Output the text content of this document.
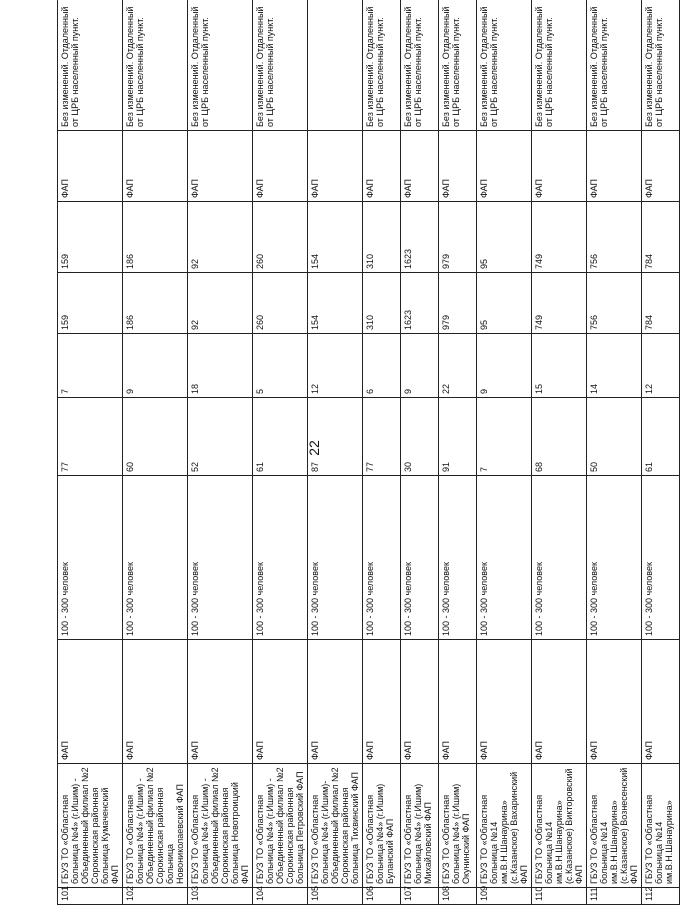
22
101	ГБУЗ ТО «Областная больница №4» (г.Ишим) - Объединенный филиал №2 Сорокинская районная больница Кумаченский ФАП	ФАП	100 - 300 человек	77	7	159	159	ФАП	Без изменений. Отдаленный от ЦРБ населенный пункт.
102	ГБУЗ ТО «Областная больница №4» (г.Ишим) - Объединенный филиал №2 Сорокинская районная больница Новониколаевский ФАП	ФАП	100 - 300 человек	60	9	186	186	ФАП	Без изменений. Отдаленный от ЦРБ населенный пункт.
103	ГБУЗ ТО «Областная больница №4» (г.Ишим) - Объединенный филиал №2 Сорокинская районная больница Новотроицкий ФАП	ФАП	100 - 300 человек	52	18	92	92	ФАП	Без изменений. Отдаленный от ЦРБ населенный пункт.
104	ГБУЗ ТО «Областная больница №4» (г.Ишим) - Объединенный филиал №2 Сорокинская районная больница Петровский ФАП	ФАП	100 - 300 человек	61	5	260	260	ФАП	Без изменений. Отдаленный от ЦРБ населенный пункт.
105	ГБУЗ ТО «Областная больница №4» (г.Ишим)- Объединенный филиал №2 Сорокинская районная больница Тихвинский ФАП	ФАП	100 - 300 человек	87	12	154	154	ФАП	
106	ГБУЗ ТО «Областная больница №4» (г.Ишим) Буланский ФАП	ФАП	100 - 300 человек	77	6	310	310	ФАП	Без изменений. Отдаленный от ЦРБ населенный пункт.
107	ГБУЗ ТО «Областная больница №4» (г.Ишим) Михайловский ФАП	ФАП	100 - 300 человек	30	9	1623	1623	ФАП	Без изменений. Отдаленный от ЦРБ населенный пункт.
108	ГБУЗ ТО «Областная больница №4» (г.Ишим) Окунинский ФАП	ФАП	100 - 300 человек	91	22	979	979	ФАП	Без изменений. Отдаленный от ЦРБ населенный пункт.
109	ГБУЗ ТО «Областная больница №14 им.В.Н.Шанаурина» (с.Казанское) Вахаринский ФАП	ФАП	100 - 300 человек	7	9	95	95	ФАП	Без изменений. Отдаленный от ЦРБ населенный пункт.
110	ГБУЗ ТО «Областная больница №14 им.В.Н.Шанаурина» (с.Казанское) Викторовский ФАП	ФАП	100 - 300 человек	68	15	749	749	ФАП	Без изменений. Отдаленный от ЦРБ населенный пункт.
111	ГБУЗ ТО «Областная больница №14 им.В.Н.Шанаурина» (с.Казанское) Вознесенский ФАП	ФАП	100 - 300 человек	50	14	756	756	ФАП	Без изменений. Отдаленный от ЦРБ населенный пункт.
112	ГБУЗ ТО «Областная больница №14 им.В.Н.Шанаурина»	ФАП	100 - 300 человек	61	12	784	784	ФАП	Без изменений. Отдаленный от ЦРБ населенный пункт.
